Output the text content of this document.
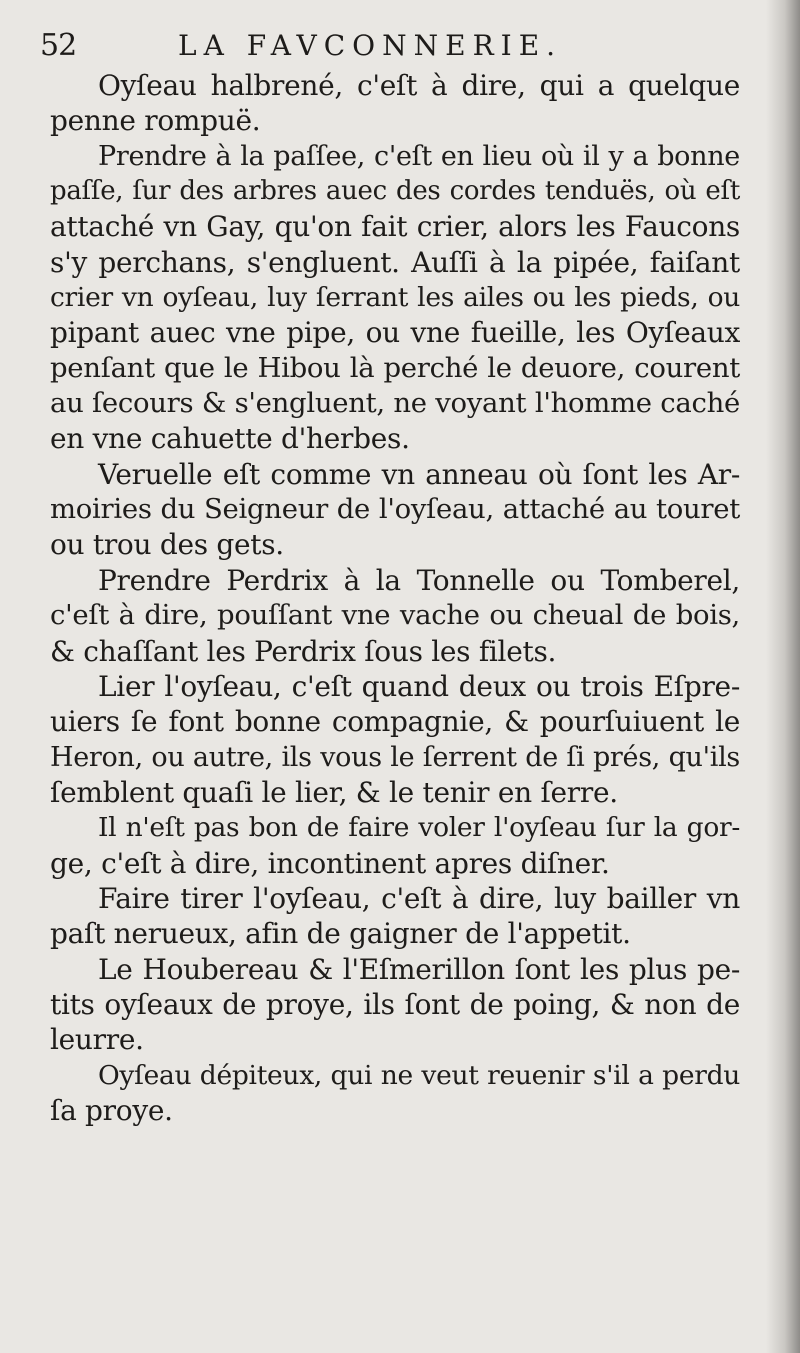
52	LA FAVCONNERIE.
Oyſeau halbrené, c'eſt à dire, qui a quelque
penne rompuë.
Prendre à la paſſee, c'eſt en lieu où il y a bonne
paſſe, ſur des arbres auec des cordes tenduës, où eſt
attaché vn Gay, qu'on fait crier, alors les Faucons
s'y perchans, s'engluent. Auſſi à la pipée, faiſant
crier vn oyſeau, luy ſerrant les ailes ou les pieds, ou
pipant auec vne pipe, ou vne fueille, les Oyſeaux
penſant que le Hibou là perché le deuore, courent
au ſecours & s'engluent, ne voyant l'homme caché
en vne cahuette d'herbes.
Veruelle eſt comme vn anneau où ſont les Ar-
moiries du Seigneur de l'oyſeau, attaché au touret
ou trou des gets.
Prendre Perdrix à la Tonnelle ou Tomberel,
c'eſt à dire, pouſſant vne vache ou cheual de bois,
& chaſſant les Perdrix ſous les filets.
Lier l'oyſeau, c'eſt quand deux ou trois Eſpre-
uiers ſe font bonne compagnie, & pourſuiuent le
Heron, ou autre, ils vous le ſerrent de ſi prés, qu'ils
ſemblent quaſi le lier, & le tenir en ſerre.
Il n'eſt pas bon de faire voler l'oyſeau ſur la gor-
ge, c'eſt à dire, incontinent apres diſner.
Faire tirer l'oyſeau, c'eſt à dire, luy bailler vn
paſt nerueux, afin de gaigner de l'appetit.
Le Houbereau & l'Eſmerillon ſont les plus pe-
tits oyſeaux de proye, ils ſont de poing, & non de
leurre.
Oyſeau dépiteux, qui ne veut reuenir s'il a perdu
ſa proye.
